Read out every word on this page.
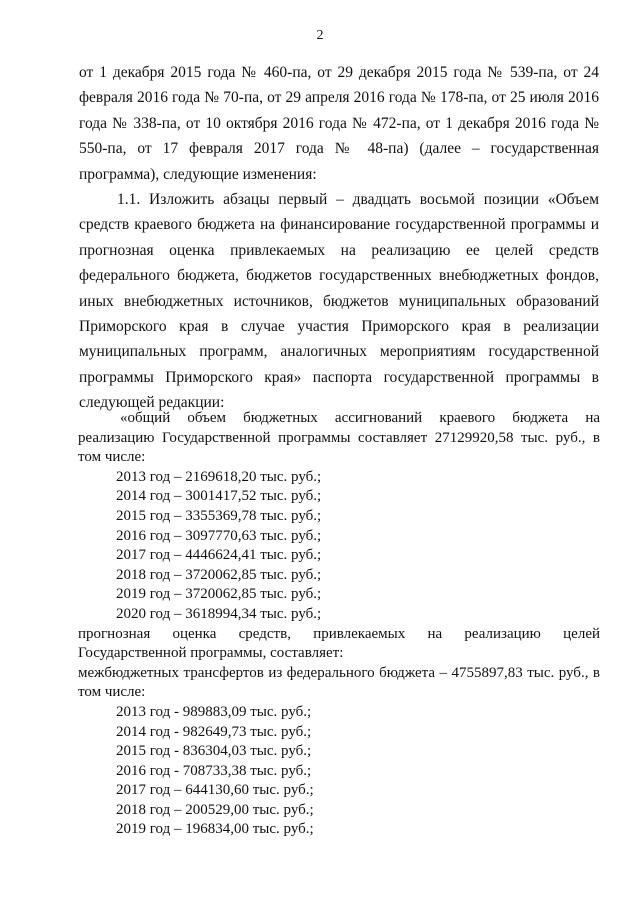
2

от 1 декабря 2015 года № 460-па, от 29 декабря 2015 года № 539-па, от 24 февраля 2016 года № 70-па, от 29 апреля 2016 года № 178-па, от 25 июля 2016 года № 338-па, от 10 октября 2016 года № 472-па, от 1 декабря 2016 года № 550-па, от 17 февраля 2017 года № 48-па) (далее – государственная программа), следующие изменения:

1.1. Изложить абзацы первый – двадцать восьмой позиции «Объем средств краевого бюджета на финансирование государственной программы и прогнозная оценка привлекаемых на реализацию ее целей средств федерального бюджета, бюджетов государственных внебюджетных фондов, иных внебюджетных источников, бюджетов муниципальных образований Приморского края в случае участия Приморского края в реализации муниципальных программ, аналогичных мероприятиям государственной программы Приморского края» паспорта государственной программы в следующей редакции:

«общий объем бюджетных ассигнований краевого бюджета на реализацию Государственной программы составляет 27129920,58 тыс. руб., в том числе:

2013 год – 2169618,20 тыс. руб.;
2014 год – 3001417,52 тыс. руб.;
2015 год – 3355369,78 тыс. руб.;
2016 год – 3097770,63 тыс. руб.;
2017 год – 4446624,41 тыс. руб.;
2018 год – 3720062,85 тыс. руб.;
2019 год – 3720062,85 тыс. руб.;
2020 год – 3618994,34 тыс. руб.;

прогнозная оценка средств, привлекаемых на реализацию целей Государственной программы, составляет:

межбюджетных трансфертов из федерального бюджета – 4755897,83 тыс. руб., в том числе:

2013 год - 989883,09 тыс. руб.;
2014 год - 982649,73 тыс. руб.;
2015 год - 836304,03 тыс. руб.;
2016 год - 708733,38 тыс. руб.;
2017 год – 644130,60 тыс. руб.;
2018 год – 200529,00 тыс. руб.;
2019 год – 196834,00 тыс. руб.;
